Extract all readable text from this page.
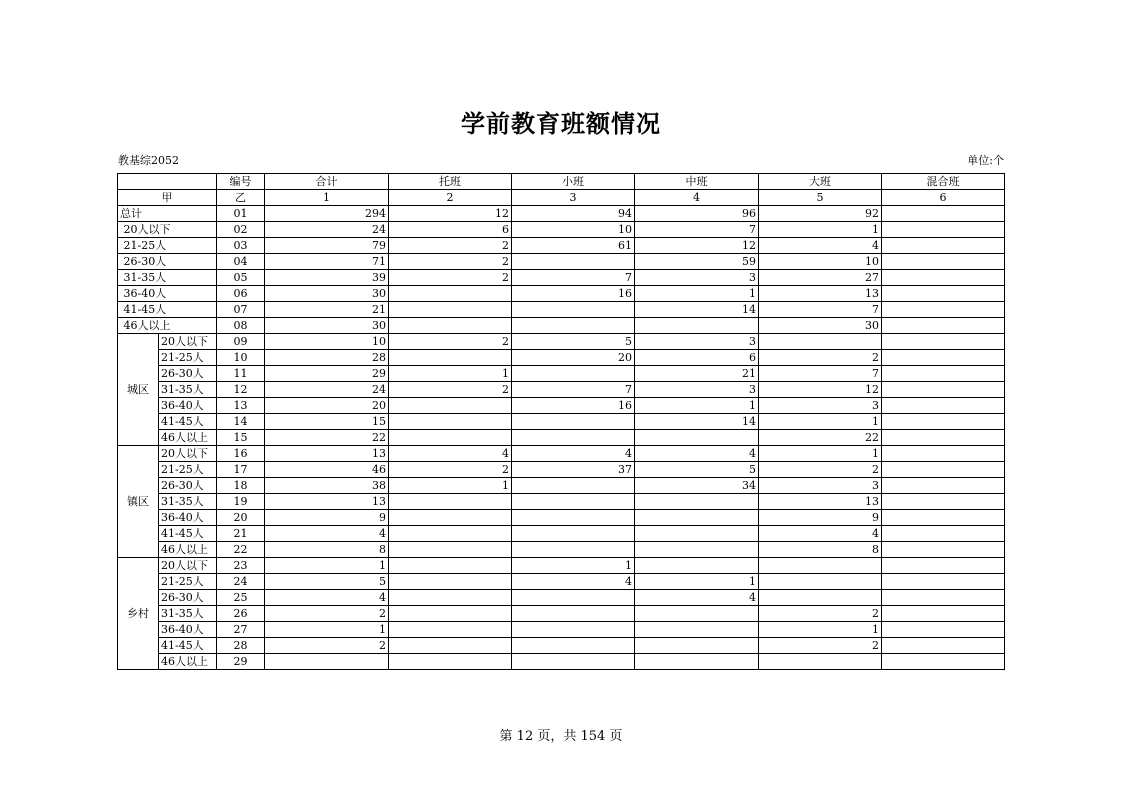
学前教育班额情况
教基综2052	单位:个
		编号	合计	托班	小班	中班	大班	混合班
甲		乙	1	2	3	4	5	6
总计		01	294	12	94	96	92	
20人以下		02	24	6	10	7	1	
21-25人		03	79	2	61	12	4	
26-30人		04	71	2		59	10	
31-35人		05	39	2	7	3	27	
36-40人		06	30		16	1	13	
41-45人		07	21			14	7	
46人以上		08	30				30	
城区	20人以下	09	10	2	5	3		
	21-25人	10	28		20	6	2	
	26-30人	11	29	1		21	7	
	31-35人	12	24	2	7	3	12	
	36-40人	13	20		16	1	3	
	41-45人	14	15			14	1	
	46人以上	15	22				22	
镇区	20人以下	16	13	4	4	4	1	
	21-25人	17	46	2	37	5	2	
	26-30人	18	38	1		34	3	
	31-35人	19	13				13	
	36-40人	20	9				9	
	41-45人	21	4				4	
	46人以上	22	8				8	
乡村	20人以下	23	1		1			
	21-25人	24	5		4	1		
	26-30人	25	4			4		
	31-35人	26	2				2	
	36-40人	27	1				1	
	41-45人	28	2				2	
	46人以上	29						
第 12 页，共 154 页
